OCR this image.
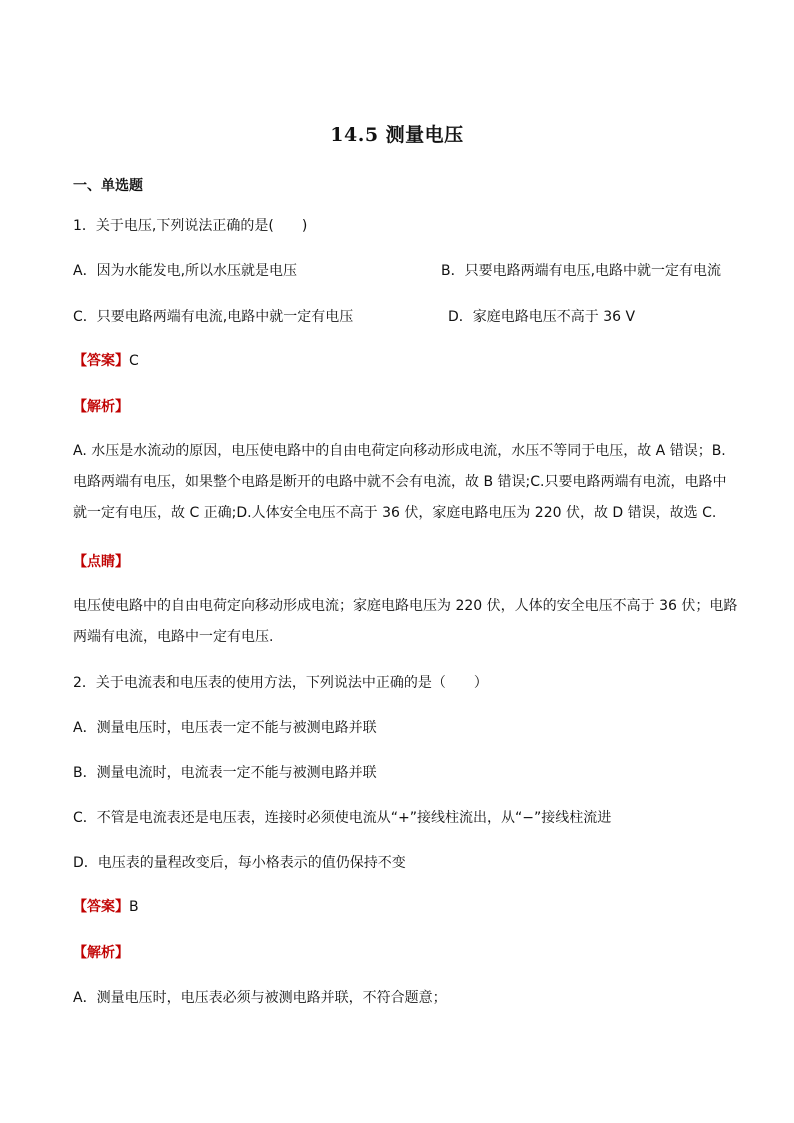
14.5 测量电压
一、单选题
1．关于电压,下列说法正确的是(　　)
A．因为水能发电,所以水压就是电压	B．只要电路两端有电压,电路中就一定有电流
C．只要电路两端有电流,电路中就一定有电压	D．家庭电路电压不高于 36 V
【答案】C
【解析】
A. 水压是水流动的原因，电压使电路中的自由电荷定向移动形成电流，水压不等同于电压，故 A 错误；B.
电路两端有电压，如果整个电路是断开的电路中就不会有电流，故 B 错误;C.只要电路两端有电流，电路中
就一定有电压，故 C 正确;D.人体安全电压不高于 36 伏，家庭电路电压为 220 伏，故 D 错误，故选 C.
【点睛】
电压使电路中的自由电荷定向移动形成电流；家庭电路电压为 220 伏，人体的安全电压不高于 36 伏；电路
两端有电流，电路中一定有电压.
2．关于电流表和电压表的使用方法，下列说法中正确的是（　　）
A．测量电压时，电压表一定不能与被测电路并联
B．测量电流时，电流表一定不能与被测电路并联
C．不管是电流表还是电压表，连接时必须使电流从“+”接线柱流出，从“−”接线柱流进
D．电压表的量程改变后，每小格表示的值仍保持不变
【答案】B
【解析】
A．测量电压时，电压表必须与被测电路并联，不符合题意；
